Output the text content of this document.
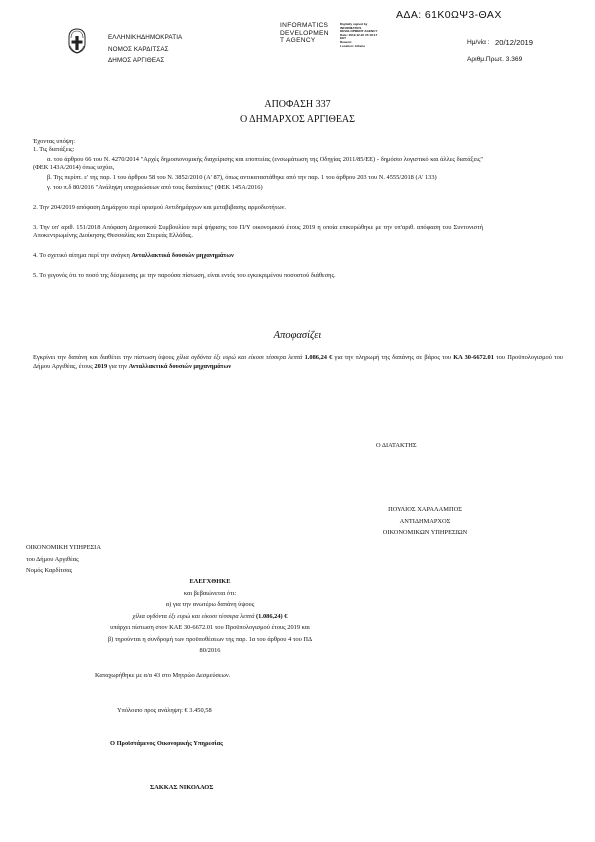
ΑΔΑ: 61Κ0ΩΨ3-ΘΑΧ
ΕΛΛΗΝΙΚΗΔΗΜΟΚΡΑΤΙΑ
ΝΟΜΟΣ ΚΑΡΔΙΤΣΑΣ
ΔΗΜΟΣ ΑΡΓΙΘΕΑΣ
INFORMATICS
DEVELOPMEN
T AGENCY
Digitally signed by
INFORMATICS
DEVELOPMENT AGENCY
Date: 2019.12.20 15:18:17
EET
Reason:
Location: Athens	Ημ/νία : 20/12/2019
Αριθμ.Πρωτ. 3.369
ΑΠΟΦΑΣΗ 337
Ο ΔΗΜΑΡΧΟΣ ΑΡΓΙΘΕΑΣ
Έχοντας υπόψη:
1. Τις διατάξεις:
α. του άρθρου 66 του Ν. 4270/2014 "Αρχές δημοσιονομικής διαχείρισης και εποπτείας (ενσωμάτωση της Οδηγίας 2011/85/ΕΕ) - δημόσιο λογιστικό και άλλες διατάξεις" (ΦΕΚ 143Α/2014) όπως ισχύει,
β. Της περίπτ. ε' της παρ. 1 του άρθρου 58 του Ν. 3852/2010 (Α' 87), όπως αντικαταστάθηκε από την παρ. 1 του άρθρου 203 του Ν. 4555/2018 (Α' 133)
γ. του π.δ 80/2016 "Ανάληψη υποχρεώσεων από τους διατάκτες" (ΦΕΚ 145Α/2016)
2. Την 204/2019 απόφαση Δημάρχου περί ορισμού Αντιδημάρχων και μεταβιβασης αρμοδιοτήτων.
3. Την υπ' αριθ. 151/2018 Απόφαση Δημοτικού Συμβουλίου περί ψήφισης του Π/Υ οικονομικού έτους 2019 η οποία επικυρώθηκε με την υπ'αριθ. απόφαση του Συντονιστή Αποκεντρωμένης Διοίκησης Θεσσαλίας και Στερεάς Ελλάδας.
4. Το σχετικό αίτημα περί την ανάγκη Ανταλλακτικά δουσιών μηχανημάτων
5. Το γεγονός ότι το ποσό της δέσμευσης με την παρούσα πίστωση, είναι εντός του εγκεκριμένου ποσοστού διάθεσης.
Αποφασίζει
Εγκρίνει την δαπάνη και διαθέτει την πίστωση ύψους χίλια ογδόντα έξι ευρώ και είκοσι τέσσερα λεπτά 1.086,24 € για την πληρωμή της δαπάνης σε βάρος του ΚΑ 30-6672.01 του Προϋπολογισμού του Δήμου Αργιθέας, έτους 2019 για την Ανταλλακτικά δουσιών μηχανημάτων
Ο ΔΙΑΤΑΚΤΗΣ
ΠΟΥΛΙΟΣ ΧΑΡΑΛΑΜΠΟΣ
ΑΝΤΙΔΗΜΑΡΧΟΣ
ΟΙΚΟΝΟΜΙΚΩΝ ΥΠΗΡΕΣΙΩΝ
ΟΙΚΟΝΟΜΙΚΗ ΥΠΗΡΕΣΙΑ
του Δήμου Αργιθέας
Νομός Καρδίτσας
ΕΛΕΓΧΘΗΚΕ
και βεβαιώνεται ότι:
α) για την ανωτέρω δαπάνη ύψους
χίλια ογδόντα έξι ευρώ και είκοσι τέσσερα λεπτά (1.086,24) €
υπάρχει πίστωση στον ΚΑΕ 30-6672.01 του Προϋπολογισμού έτους 2019 και
β) τηρούνται η συνδρομή των προϋποθέσεων της παρ. 1α του άρθρου 4 του ΠΔ
80/2016
Καταχωρήθηκε με α/α 43 στο Μητρώο Δεσμεύσεων.
Υπόλοιπο προς ανάληψη: € 3.450,58
Ο Προϊστάμενος Οικονομικής Υπηρεσίας
ΣΑΚΚΑΣ ΝΙΚΟΛΑΟΣ
